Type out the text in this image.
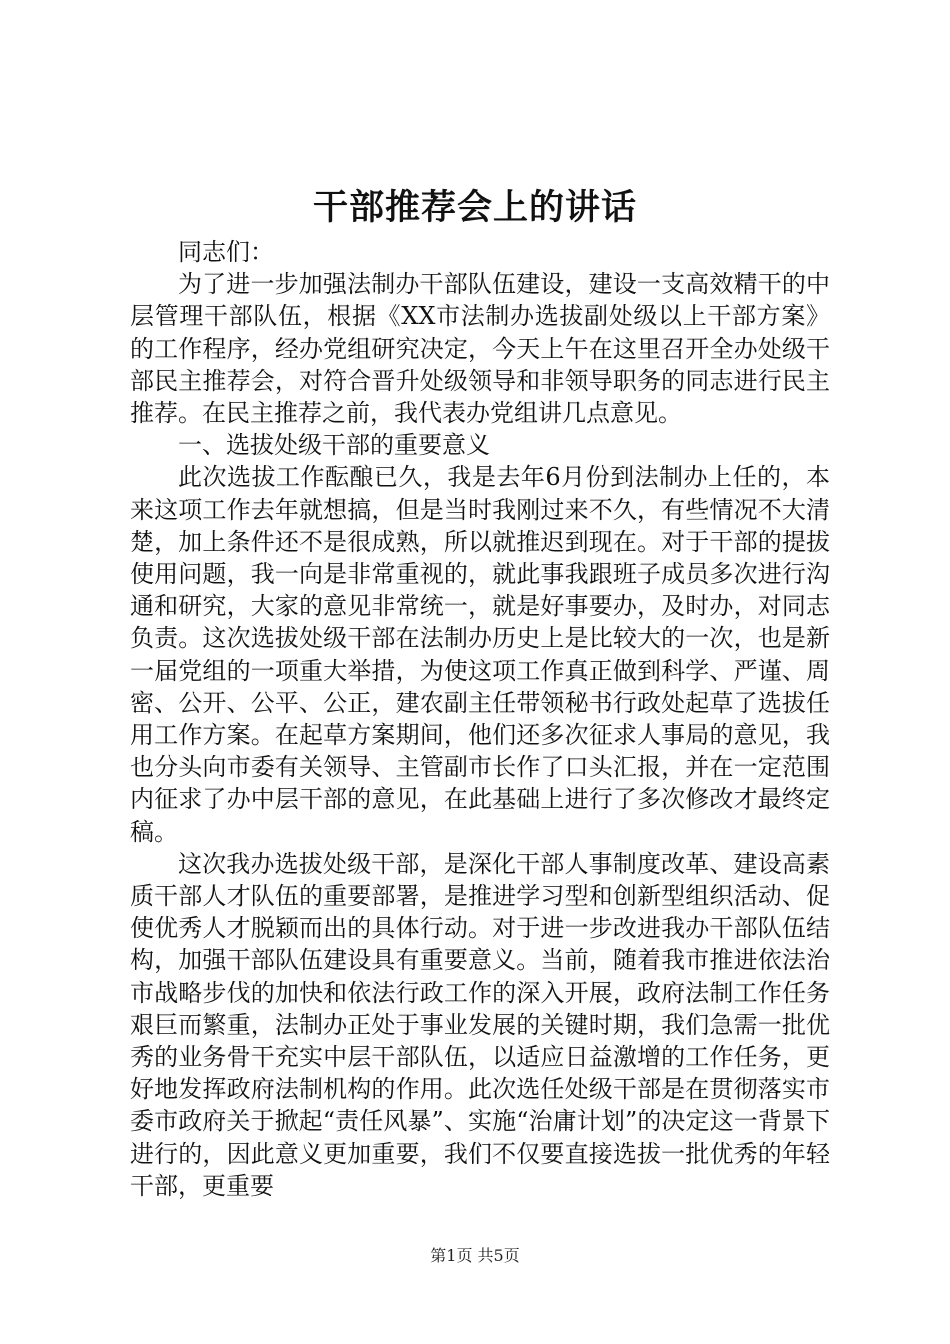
干部推荐会上的讲话

同志们：

为了进一步加强法制办干部队伍建设，建设一支高效精干的中层管理干部队伍，根据《XX市法制办选拔副处级以上干部方案》的工作程序，经办党组研究决定，今天上午在这里召开全办处级干部民主推荐会，对符合晋升处级领导和非领导职务的同志进行民主推荐。在民主推荐之前，我代表办党组讲几点意见。

一、选拔处级干部的重要意义

此次选拔工作酝酿已久，我是去年6月份到法制办上任的，本来这项工作去年就想搞，但是当时我刚过来不久，有些情况不大清楚，加上条件还不是很成熟，所以就推迟到现在。对于干部的提拔使用问题，我一向是非常重视的，就此事我跟班子成员多次进行沟通和研究，大家的意见非常统一，就是好事要办，及时办，对同志负责。这次选拔处级干部在法制办历史上是比较大的一次，也是新一届党组的一项重大举措，为使这项工作真正做到科学、严谨、周密、公开、公平、公正，建农副主任带领秘书行政处起草了选拔任用工作方案。在起草方案期间，他们还多次征求人事局的意见，我也分头向市委有关领导、主管副市长作了口头汇报，并在一定范围内征求了办中层干部的意见，在此基础上进行了多次修改才最终定稿。

这次我办选拔处级干部，是深化干部人事制度改革、建设高素质干部人才队伍的重要部署，是推进学习型和创新型组织活动、促使优秀人才脱颖而出的具体行动。对于进一步改进我办干部队伍结构，加强干部队伍建设具有重要意义。当前，随着我市推进依法治市战略步伐的加快和依法行政工作的深入开展，政府法制工作任务艰巨而繁重，法制办正处于事业发展的关键时期，我们急需一批优秀的业务骨干充实中层干部队伍，以适应日益激增的工作任务，更好地发挥政府法制机构的作用。此次选任处级干部是在贯彻落实市委市政府关于掀起“责任风暴”、实施“治庸计划”的决定这一背景下进行的，因此意义更加重要，我们不仅要直接选拔一批优秀的年轻干部，更重要

第1页 共5页
